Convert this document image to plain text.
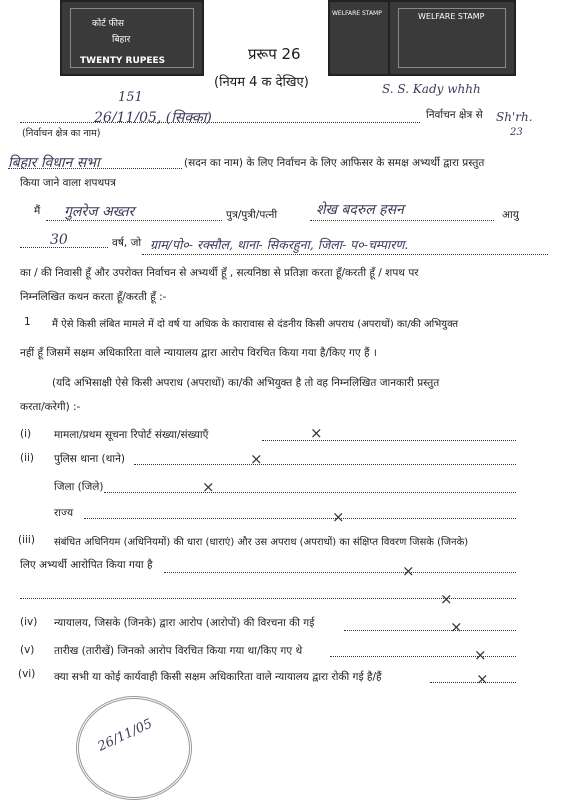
कोर्ट फीस
बिहार
TWENTY RUPEES
WELFARE STAMP	WELFARE STAMP
प्ररूप 26
(नियम 4 क देखिए)
151
26/11/05, (सिक्का)
S. S. Kady whhh
Sh'rh.
23
निर्वाचन क्षेत्र से
(निर्वाचन क्षेत्र का नाम)
बिहार विधान सभा	(सदन का नाम) के लिए निर्वाचन के लिए आफिसर के समक्ष अभ्यर्थी द्वारा प्रस्तुत
किया जाने वाला शपथपत्र
मैं गुलरेज अख्तर	पुत्र/पुत्री/पत्नी	शेख बदरुल हसन	आयु
30	वर्ष, जो ग्राम/पो०- रक्सौल, थाना- सिकरहुना, जिला- प०-चम्पारण.
का / की निवासी हूँ और उपरोक्त निर्वाचन से अभ्यर्थी हूँ , सत्यनिष्ठा से प्रतिज्ञा करता हूँ/करती हूँ / शपथ पर
निम्नलिखित कथन करता हूँ/करती हूँ :-
1 मैं ऐसे किसी लंबित मामले में दो वर्ष या अधिक के कारावास से दंडनीय किसी अपराध (अपराधों) का/की अभियुक्त
नहीं हूँ जिसमें सक्षम अधिकारिता वाले न्यायालय द्वारा आरोप विरचित किया गया है/किए गए हैं ।
(यदि अभिसाक्षी ऐसे किसी अपराध (अपराधों) का/की अभियुक्त है तो वह निम्नलिखित जानकारी प्रस्तुत
करता/करेगी) :-
(i) मामला/प्रथम सूचना रिपोर्ट संख्या/संख्याएँ	×
(ii) पुलिस थाना (थाने)	×
जिला (जिले)	×
राज्य	×
(iii) संबंधित अधिनियम (अधिनियमों) की धारा (धाराएं) और उस अपराध (अपराधों) का संक्षिप्त विवरण जिसके (जिनके)
लिए अभ्यर्थी आरोपित किया गया है	×
×
(iv) न्यायालय, जिसके (जिनके) द्वारा आरोप (आरोपों) की विरचना की गई	×
(v) तारीख (तारीखें) जिनको आरोप विरचित किया गया था/किए गए थे	×
(vi) क्या सभी या कोई कार्यवाही किसी सक्षम अधिकारिता वाले न्यायालय द्वारा रोकी गई है/हैं	×
26/11/05
